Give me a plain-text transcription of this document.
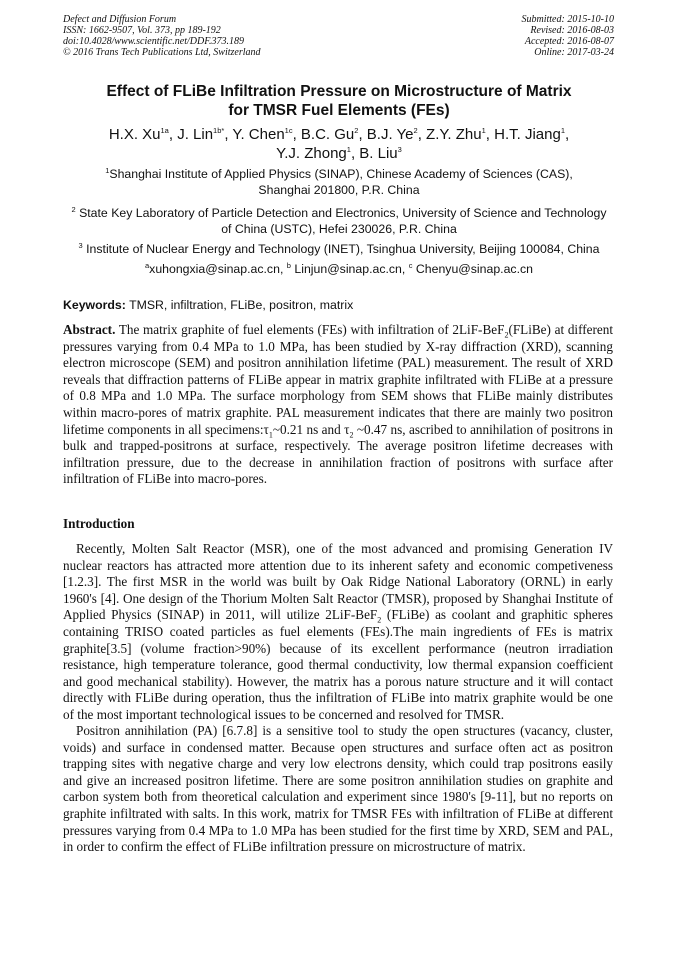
Defect and Diffusion Forum
ISSN: 1662-9507, Vol. 373, pp 189-192
doi:10.4028/www.scientific.net/DDF.373.189
© 2016 Trans Tech Publications Ltd, Switzerland
Submitted: 2015-10-10
Revised: 2016-08-03
Accepted: 2016-08-07
Online: 2017-03-24
Effect of FLiBe Infiltration Pressure on Microstructure of Matrix
for TMSR Fuel Elements (FEs)
H.X. $Xu^{1a}$, J. Lin$^{1b*}$, Y. Chen$^{1c}$, B.C. Gu$^2$, B.J. Ye$^2$, Z.Y. Zhu$^1$, H.T. Jiang$^1$,
Y.J. Zhong$^1$, B. Liu$^3$
$^1$Shanghai Institute of Applied Physics (SINAP), Chinese Academy of Sciences (CAS),
Shanghai 201800, P.R. China
$^2$ State Key Laboratory of Particle Detection and Electronics, University of Science and Technology
of China (USTC), Hefei 230026, P.R. China
$^3$ Institute of Nuclear Energy and Technology (INET), Tsinghua University, Beijing 100084, China
$^a$xuhongxia@sinap.ac.cn, $^b$ Linjun@sinap.ac.cn, $^c$ Chenyu@sinap.ac.cn
Keywords: TMSR, infiltration, FLiBe, positron, matrix
Abstract. The matrix graphite of fuel elements (FEs) with infiltration of 2LiF-BeF$_2$(FLiBe) at different pressures varying from 0.4 MPa to 1.0 MPa, has been studied by X-ray diffraction (XRD), scanning electron microscope (SEM) and positron annihilation lifetime (PAL) measurement. The result of XRD reveals that diffraction patterns of FLiBe appear in matrix graphite infiltrated with FLiBe at a pressure of 0.8 MPa and 1.0 MPa. The surface morphology from SEM shows that FLiBe mainly distributes within macro-pores of matrix graphite. PAL measurement indicates that there are mainly two positron lifetime components in all $specimens:\tau_1\sim 0.21$ ns and $\tau_2$ ~0.47 ns, ascribed to annihilation of positrons in bulk and trapped-positrons at surface, respectively. The average positron lifetime decreases with infiltration pressure, due to the decrease in annihilation fraction of positrons with surface after infiltration of FLiBe into macro-pores.
Introduction
Recently, Molten Salt Reactor (MSR), one of the most advanced and promising Generation IV nuclear reactors has attracted more attention due to its inherent safety and economic competiveness [1.2.3]. The first MSR in the world was built by Oak Ridge National Laboratory (ORNL) in early 1960's [4]. One design of the Thorium Molten Salt Reactor (TMSR), proposed by Shanghai Institute of Applied Physics (SINAP) in 2011, will utilize 2LiF-BeF$_2$ (FLiBe) as coolant and graphitic spheres containing TRISO coated particles as fuel elements (FEs).The main ingredients of FEs is matrix graphite[3.5] (volume fraction>90%) because of its excellent performance (neutron irradiation resistance, high temperature tolerance, good thermal conductivity, low thermal expansion coefficient and good mechanical stability). However, the matrix has a porous nature structure and it will contact directly with FLiBe during operation, thus the infiltration of FLiBe into matrix graphite would be one of the most important technological issues to be concerned and resolved for TMSR.
Positron annihilation (PA) [6.7.8] is a sensitive tool to study the open structures (vacancy, cluster, voids) and surface in condensed matter. Because open structures and surface often act as positron trapping sites with negative charge and very low electrons density, which could trap positrons easily and give an increased positron lifetime. There are some positron annihilation studies on graphite and carbon system both from theoretical calculation and experiment since 1980's [9-11], but no reports on graphite infiltrated with salts. In this work, matrix for TMSR FEs with infiltration of FLiBe at different pressures varying from 0.4 MPa to 1.0 MPa has been studied for the first time by XRD, SEM and PAL, in order to confirm the effect of FLiBe infiltration pressure on microstructure of matrix.
